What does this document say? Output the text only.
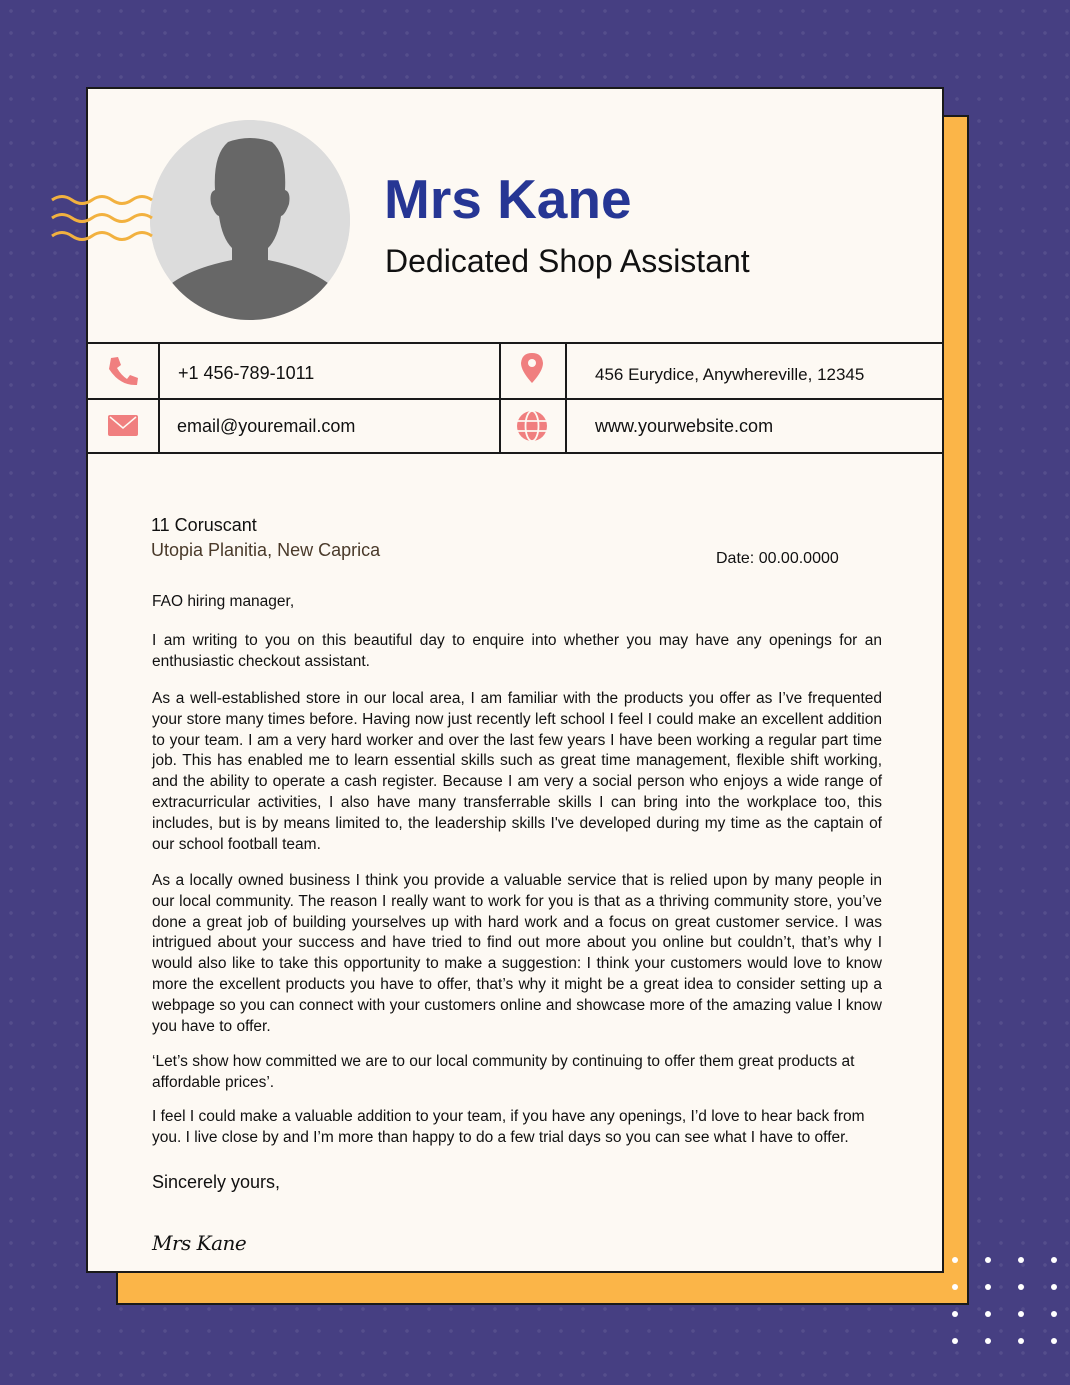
Mrs Kane
Dedicated Shop Assistant
+1 456-789-1011	456 Eurydice, Anywhereville, 12345
email@youremail.com	www.yourwebsite.com
11 Coruscant
Utopia Planitia, New Caprica	Date: 00.00.0000
FAO hiring manager,

I am writing to you on this beautiful day to enquire into whether you may have any openings for an enthusiastic checkout assistant.

As a well-established store in our local area, I am familiar with the products you offer as I’ve frequented your store many times before. Having now just recently left school I feel I could make an excellent addition to your team. I am a very hard worker and over the last few years I have been working a regular part time job. This has enabled me to learn essential skills such as great time management, flexible shift working, and the ability to operate a cash register. Because I am very a social person who enjoys a wide range of extracurricular activities, I also have many transferrable skills I can bring into the workplace too, this includes, but is by means limited to, the leadership skills I've developed during my time as the captain of our school football team.

As a locally owned business I think you provide a valuable service that is relied upon by many people in our local community. The reason I really want to work for you is that as a thriving community store, you’ve done a great job of building yourselves up with hard work and a focus on great customer service. I was intrigued about your success and have tried to find out more about you online but couldn’t, that’s why I would also like to take this opportunity to make a suggestion: I think your customers would love to know more the excellent products you have to offer, that’s why it might be a great idea to consider setting up a webpage so you can connect with your customers online and showcase more of the amazing value I know you have to offer.

‘Let’s show how committed we are to our local community by continuing to offer them great products at affordable prices’.

I feel I could make a valuable addition to your team, if you have any openings, I’d love to hear back from you. I live close by and I’m more than happy to do a few trial days so you can see what I have to offer.

Sincerely yours,
Mrs Kane
